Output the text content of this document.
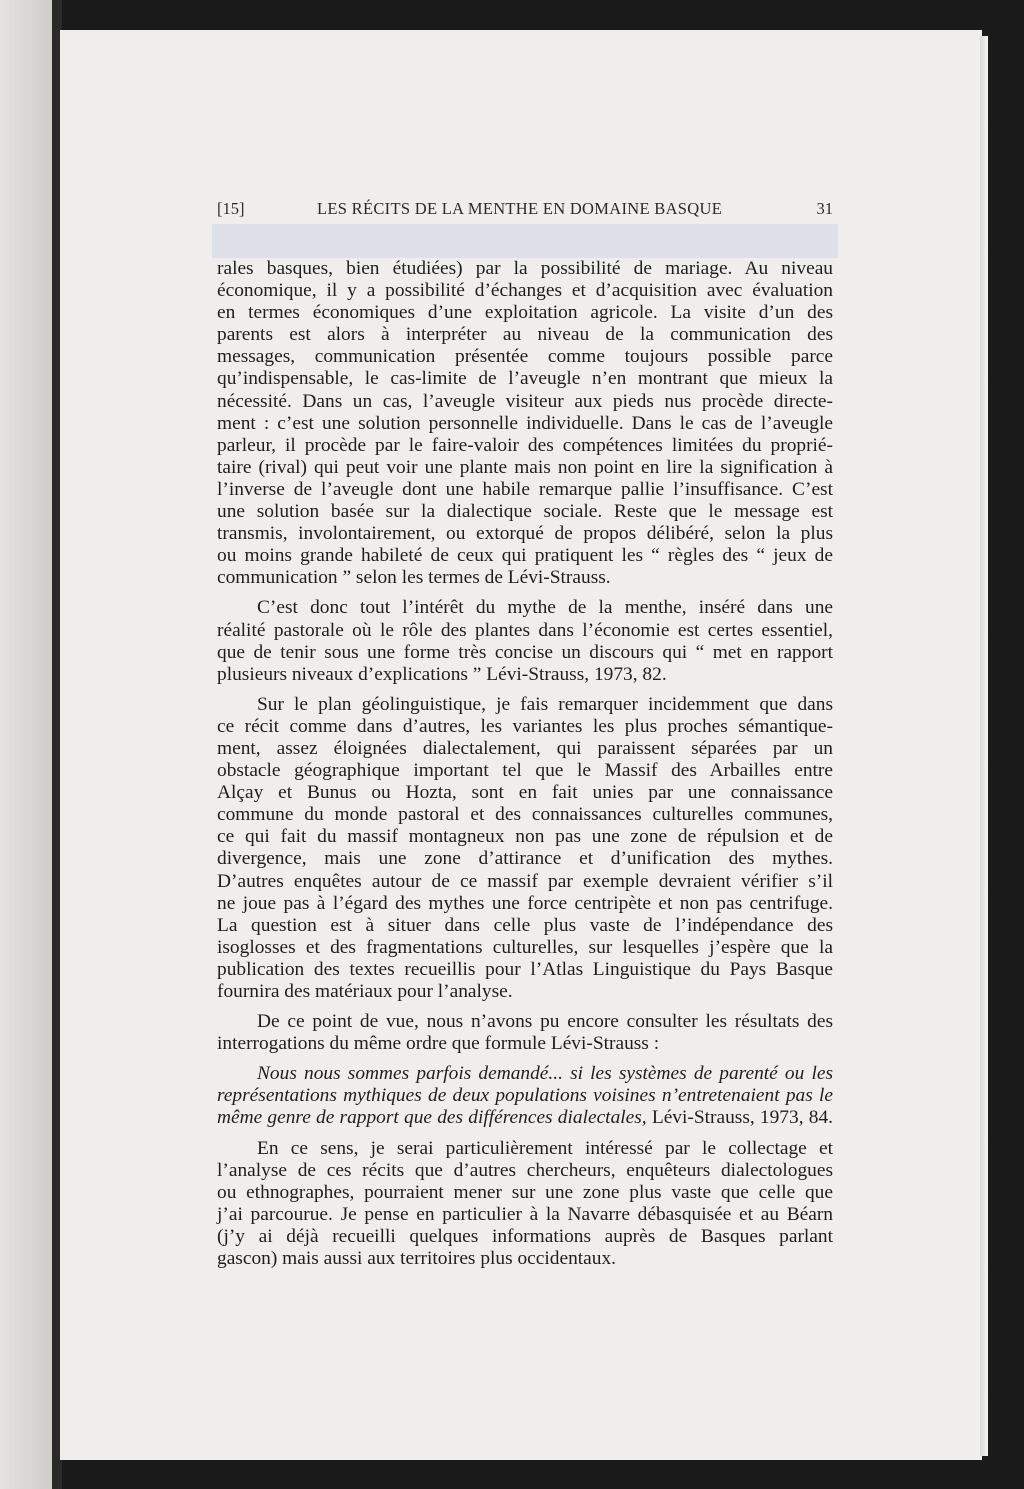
[15]	LES RÉCITS DE LA MENTHE EN DOMAINE BASQUE	31
rales basques, bien étudiées) par la possibilité de mariage. Au niveau
économique, il y a possibilité d’échanges et d’acquisition avec évaluation
en termes économiques d’une exploitation agricole. La visite d’un des
parents est alors à interpréter au niveau de la communication des
messages, communication présentée comme toujours possible parce
qu’indispensable, le cas-limite de l’aveugle n’en montrant que mieux la
nécessité. Dans un cas, l’aveugle visiteur aux pieds nus procède directe-
ment : c’est une solution personnelle individuelle. Dans le cas de l’aveugle
parleur, il procède par le faire-valoir des compétences limitées du proprié-
taire (rival) qui peut voir une plante mais non point en lire la signification à
l’inverse de l’aveugle dont une habile remarque pallie l’insuffisance. C’est
une solution basée sur la dialectique sociale. Reste que le message est
transmis, involontairement, ou extorqué de propos délibéré, selon la plus
ou moins grande habileté de ceux qui pratiquent les “ règles des “ jeux de
communication ” selon les termes de Lévi-Strauss.
C’est donc tout l’intérêt du mythe de la menthe, inséré dans une
réalité pastorale où le rôle des plantes dans l’économie est certes essentiel,
que de tenir sous une forme très concise un discours qui “ met en rapport
plusieurs niveaux d’explications ” Lévi-Strauss, 1973, 82.
Sur le plan géolinguistique, je fais remarquer incidemment que dans
ce récit comme dans d’autres, les variantes les plus proches sémantique-
ment, assez éloignées dialectalement, qui paraissent séparées par un
obstacle géographique important tel que le Massif des Arbailles entre
Alçay et Bunus ou Hozta, sont en fait unies par une connaissance
commune du monde pastoral et des connaissances culturelles communes,
ce qui fait du massif montagneux non pas une zone de répulsion et de
divergence, mais une zone d’attirance et d’unification des mythes.
D’autres enquêtes autour de ce massif par exemple devraient vérifier s’il
ne joue pas à l’égard des mythes une force centripète et non pas centrifuge.
La question est à situer dans celle plus vaste de l’indépendance des
isoglosses et des fragmentations culturelles, sur lesquelles j’espère que la
publication des textes recueillis pour l’Atlas Linguistique du Pays Basque
fournira des matériaux pour l’analyse.
De ce point de vue, nous n’avons pu encore consulter les résultats des
interrogations du même ordre que formule Lévi-Strauss :
Nous nous sommes parfois demandé... si les systèmes de parenté ou les
représentations mythiques de deux populations voisines n’entretenaient pas le
même genre de rapport que des différences dialectales, Lévi-Strauss, 1973, 84.
En ce sens, je serai particulièrement intéressé par le collectage et
l’analyse de ces récits que d’autres chercheurs, enquêteurs dialectologues
ou ethnographes, pourraient mener sur une zone plus vaste que celle que
j’ai parcourue. Je pense en particulier à la Navarre débasquisée et au Béarn
(j’y ai déjà recueilli quelques informations auprès de Basques parlant
gascon) mais aussi aux territoires plus occidentaux.
